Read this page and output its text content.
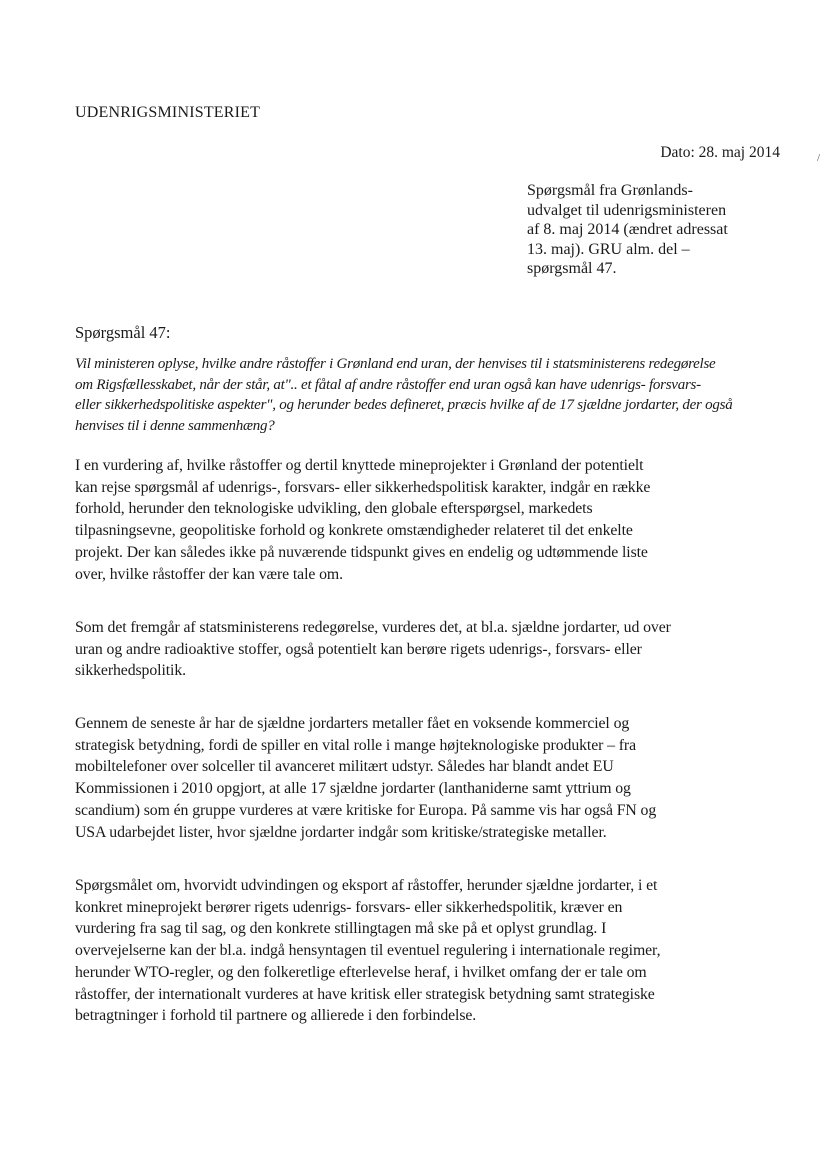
UDENRIGSMINISTERIET
Dato: 28. maj 2014	/

Spørgsmål fra Grønlands-
udvalget til udenrigsministeren
af 8. maj 2014 (ændret adressat
13. maj). GRU alm. del –
spørgsmål 47.

Spørgsmål 47:

Vil ministeren oplyse, hvilke andre råstoffer i Grønland end uran, der henvises til i statsministerens redegørelse
om Rigsfællesskabet, når der står, at".. et fåtal af andre råstoffer end uran også kan have udenrigs- forsvars-
eller sikkerhedspolitiske aspekter", og herunder bedes defineret, præcis hvilke af de 17 sjældne jordarter, der også
henvises til i denne sammenhæng?

I en vurdering af, hvilke råstoffer og dertil knyttede mineprojekter i Grønland der potentielt
kan rejse spørgsmål af udenrigs-, forsvars- eller sikkerhedspolitisk karakter, indgår en række
forhold, herunder den teknologiske udvikling, den globale efterspørgsel, markedets
tilpasningsevne, geopolitiske forhold og konkrete omstændigheder relateret til det enkelte
projekt. Der kan således ikke på nuværende tidspunkt gives en endelig og udtømmende liste
over, hvilke råstoffer der kan være tale om.

Som det fremgår af statsministerens redegørelse, vurderes det, at bl.a. sjældne jordarter, ud over
uran og andre radioaktive stoffer, også potentielt kan berøre rigets udenrigs-, forsvars- eller
sikkerhedspolitik.

Gennem de seneste år har de sjældne jordarters metaller fået en voksende kommerciel og
strategisk betydning, fordi de spiller en vital rolle i mange højteknologiske produkter – fra
mobiltelefoner over solceller til avanceret militært udstyr. Således har blandt andet EU
Kommissionen i 2010 opgjort, at alle 17 sjældne jordarter (lanthaniderne samt yttrium og
scandium) som én gruppe vurderes at være kritiske for Europa. På samme vis har også FN og
USA udarbejdet lister, hvor sjældne jordarter indgår som kritiske/strategiske metaller.

Spørgsmålet om, hvorvidt udvindingen og eksport af råstoffer, herunder sjældne jordarter, i et
konkret mineprojekt berører rigets udenrigs- forsvars- eller sikkerhedspolitik, kræver en
vurdering fra sag til sag, og den konkrete stillingtagen må ske på et oplyst grundlag. I
overvejelserne kan der bl.a. indgå hensyntagen til eventuel regulering i internationale regimer,
herunder WTO-regler, og den folkeretlige efterlevelse heraf, i hvilket omfang der er tale om
råstoffer, der internationalt vurderes at have kritisk eller strategisk betydning samt strategiske
betragtninger i forhold til partnere og allierede i den forbindelse.
